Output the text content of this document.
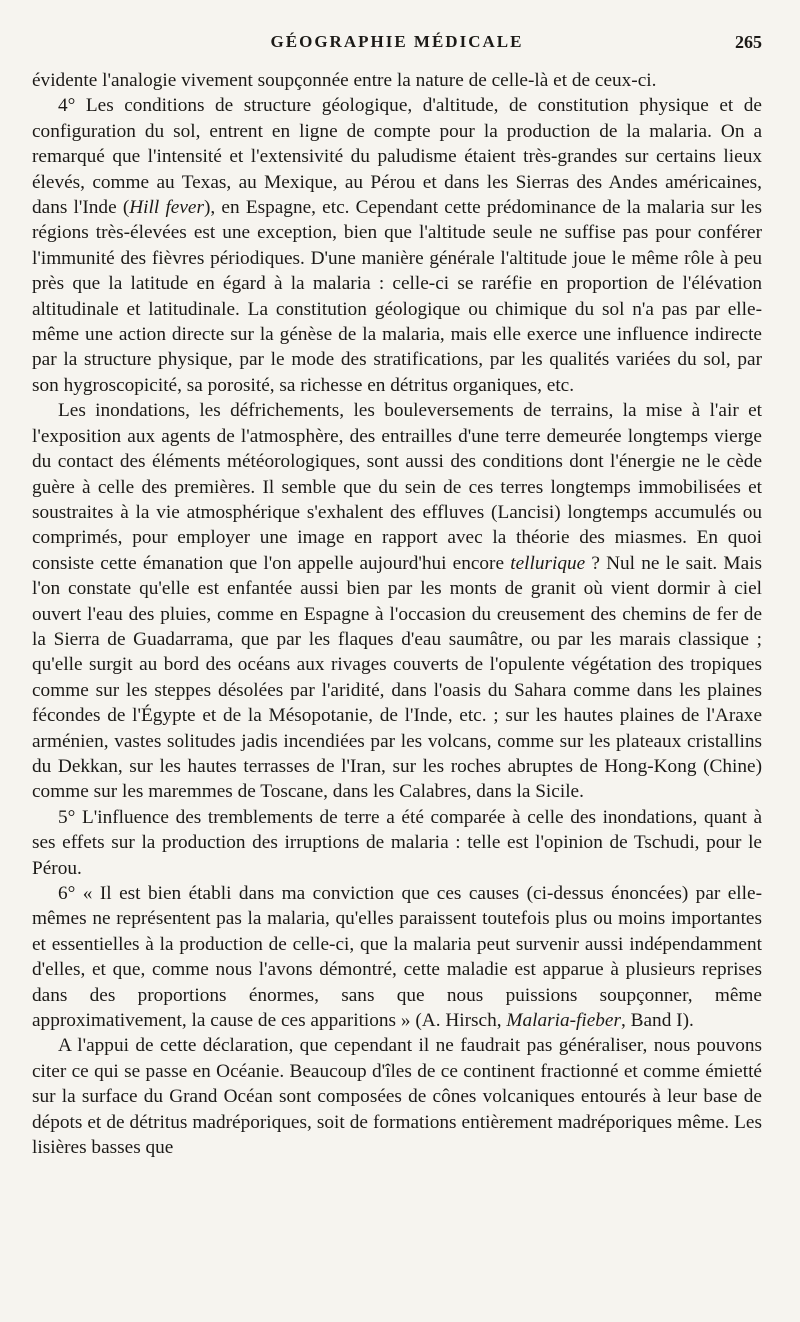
GÉOGRAPHIE MÉDICALE	265

évidente l'analogie vivement soupçonnée entre la nature de celle-là et de ceux-ci.

4° Les conditions de structure géologique, d'altitude, de constitution physique et de configuration du sol, entrent en ligne de compte pour la production de la malaria. On a remarqué que l'intensité et l'extensivité du paludisme étaient très-grandes sur certains lieux élevés, comme au Texas, au Mexique, au Pérou et dans les Sierras des Andes américaines, dans l'Inde (Hill fever), en Espagne, etc. Cependant cette prédominance de la malaria sur les régions très-élevées est une exception, bien que l'altitude seule ne suffise pas pour conférer l'immunité des fièvres périodiques. D'une manière générale l'altitude joue le même rôle à peu près que la latitude en égard à la malaria : celle-ci se raréfie en proportion de l'élévation altitudinale et latitudinale. La constitution géologique ou chimique du sol n'a pas par elle-même une action directe sur la génèse de la malaria, mais elle exerce une influence indirecte par la structure physique, par le mode des stratifications, par les qualités variées du sol, par son hygroscopicité, sa porosité, sa richesse en détritus organiques, etc.

Les inondations, les défrichements, les bouleversements de terrains, la mise à l'air et l'exposition aux agents de l'atmosphère, des entrailles d'une terre demeurée longtemps vierge du contact des éléments météorologiques, sont aussi des conditions dont l'énergie ne le cède guère à celle des premières. Il semble que du sein de ces terres longtemps immobilisées et soustraites à la vie atmosphérique s'exhalent des effluves (Lancisi) longtemps accumulés ou comprimés, pour employer une image en rapport avec la théorie des miasmes. En quoi consiste cette émanation que l'on appelle aujourd'hui encore tellurique ? Nul ne le sait. Mais l'on constate qu'elle est enfantée aussi bien par les monts de granit où vient dormir à ciel ouvert l'eau des pluies, comme en Espagne à l'occasion du creusement des chemins de fer de la Sierra de Guadarrama, que par les flaques d'eau saumâtre, ou par les marais classique ; qu'elle surgit au bord des océans aux rivages couverts de l'opulente végétation des tropiques comme sur les steppes désolées par l'aridité, dans l'oasis du Sahara comme dans les plaines fécondes de l'Égypte et de la Mésopotanie, de l'Inde, etc. ; sur les hautes plaines de l'Araxe arménien, vastes solitudes jadis incendiées par les volcans, comme sur les plateaux cristallins du Dekkan, sur les hautes terrasses de l'Iran, sur les roches abruptes de Hong-Kong (Chine) comme sur les maremmes de Toscane, dans les Calabres, dans la Sicile.

5° L'influence des tremblements de terre a été comparée à celle des inondations, quant à ses effets sur la production des irruptions de malaria : telle est l'opinion de Tschudi, pour le Pérou.

6° « Il est bien établi dans ma conviction que ces causes (ci-dessus énoncées) par elle-mêmes ne représentent pas la malaria, qu'elles paraissent toutefois plus ou moins importantes et essentielles à la production de celle-ci, que la malaria peut survenir aussi indépendamment d'elles, et que, comme nous l'avons démontré, cette maladie est apparue à plusieurs reprises dans des proportions énormes, sans que nous puissions soupçonner, même approximativement, la cause de ces apparitions » (A. Hirsch, Malaria-fieber, Band I).

A l'appui de cette déclaration, que cependant il ne faudrait pas généraliser, nous pouvons citer ce qui se passe en Océanie. Beaucoup d'îles de ce continent fractionné et comme émietté sur la surface du Grand Océan sont composées de cônes volcaniques entourés à leur base de dépots et de détritus madréporiques, soit de formations entièrement madréporiques même. Les lisières basses que
